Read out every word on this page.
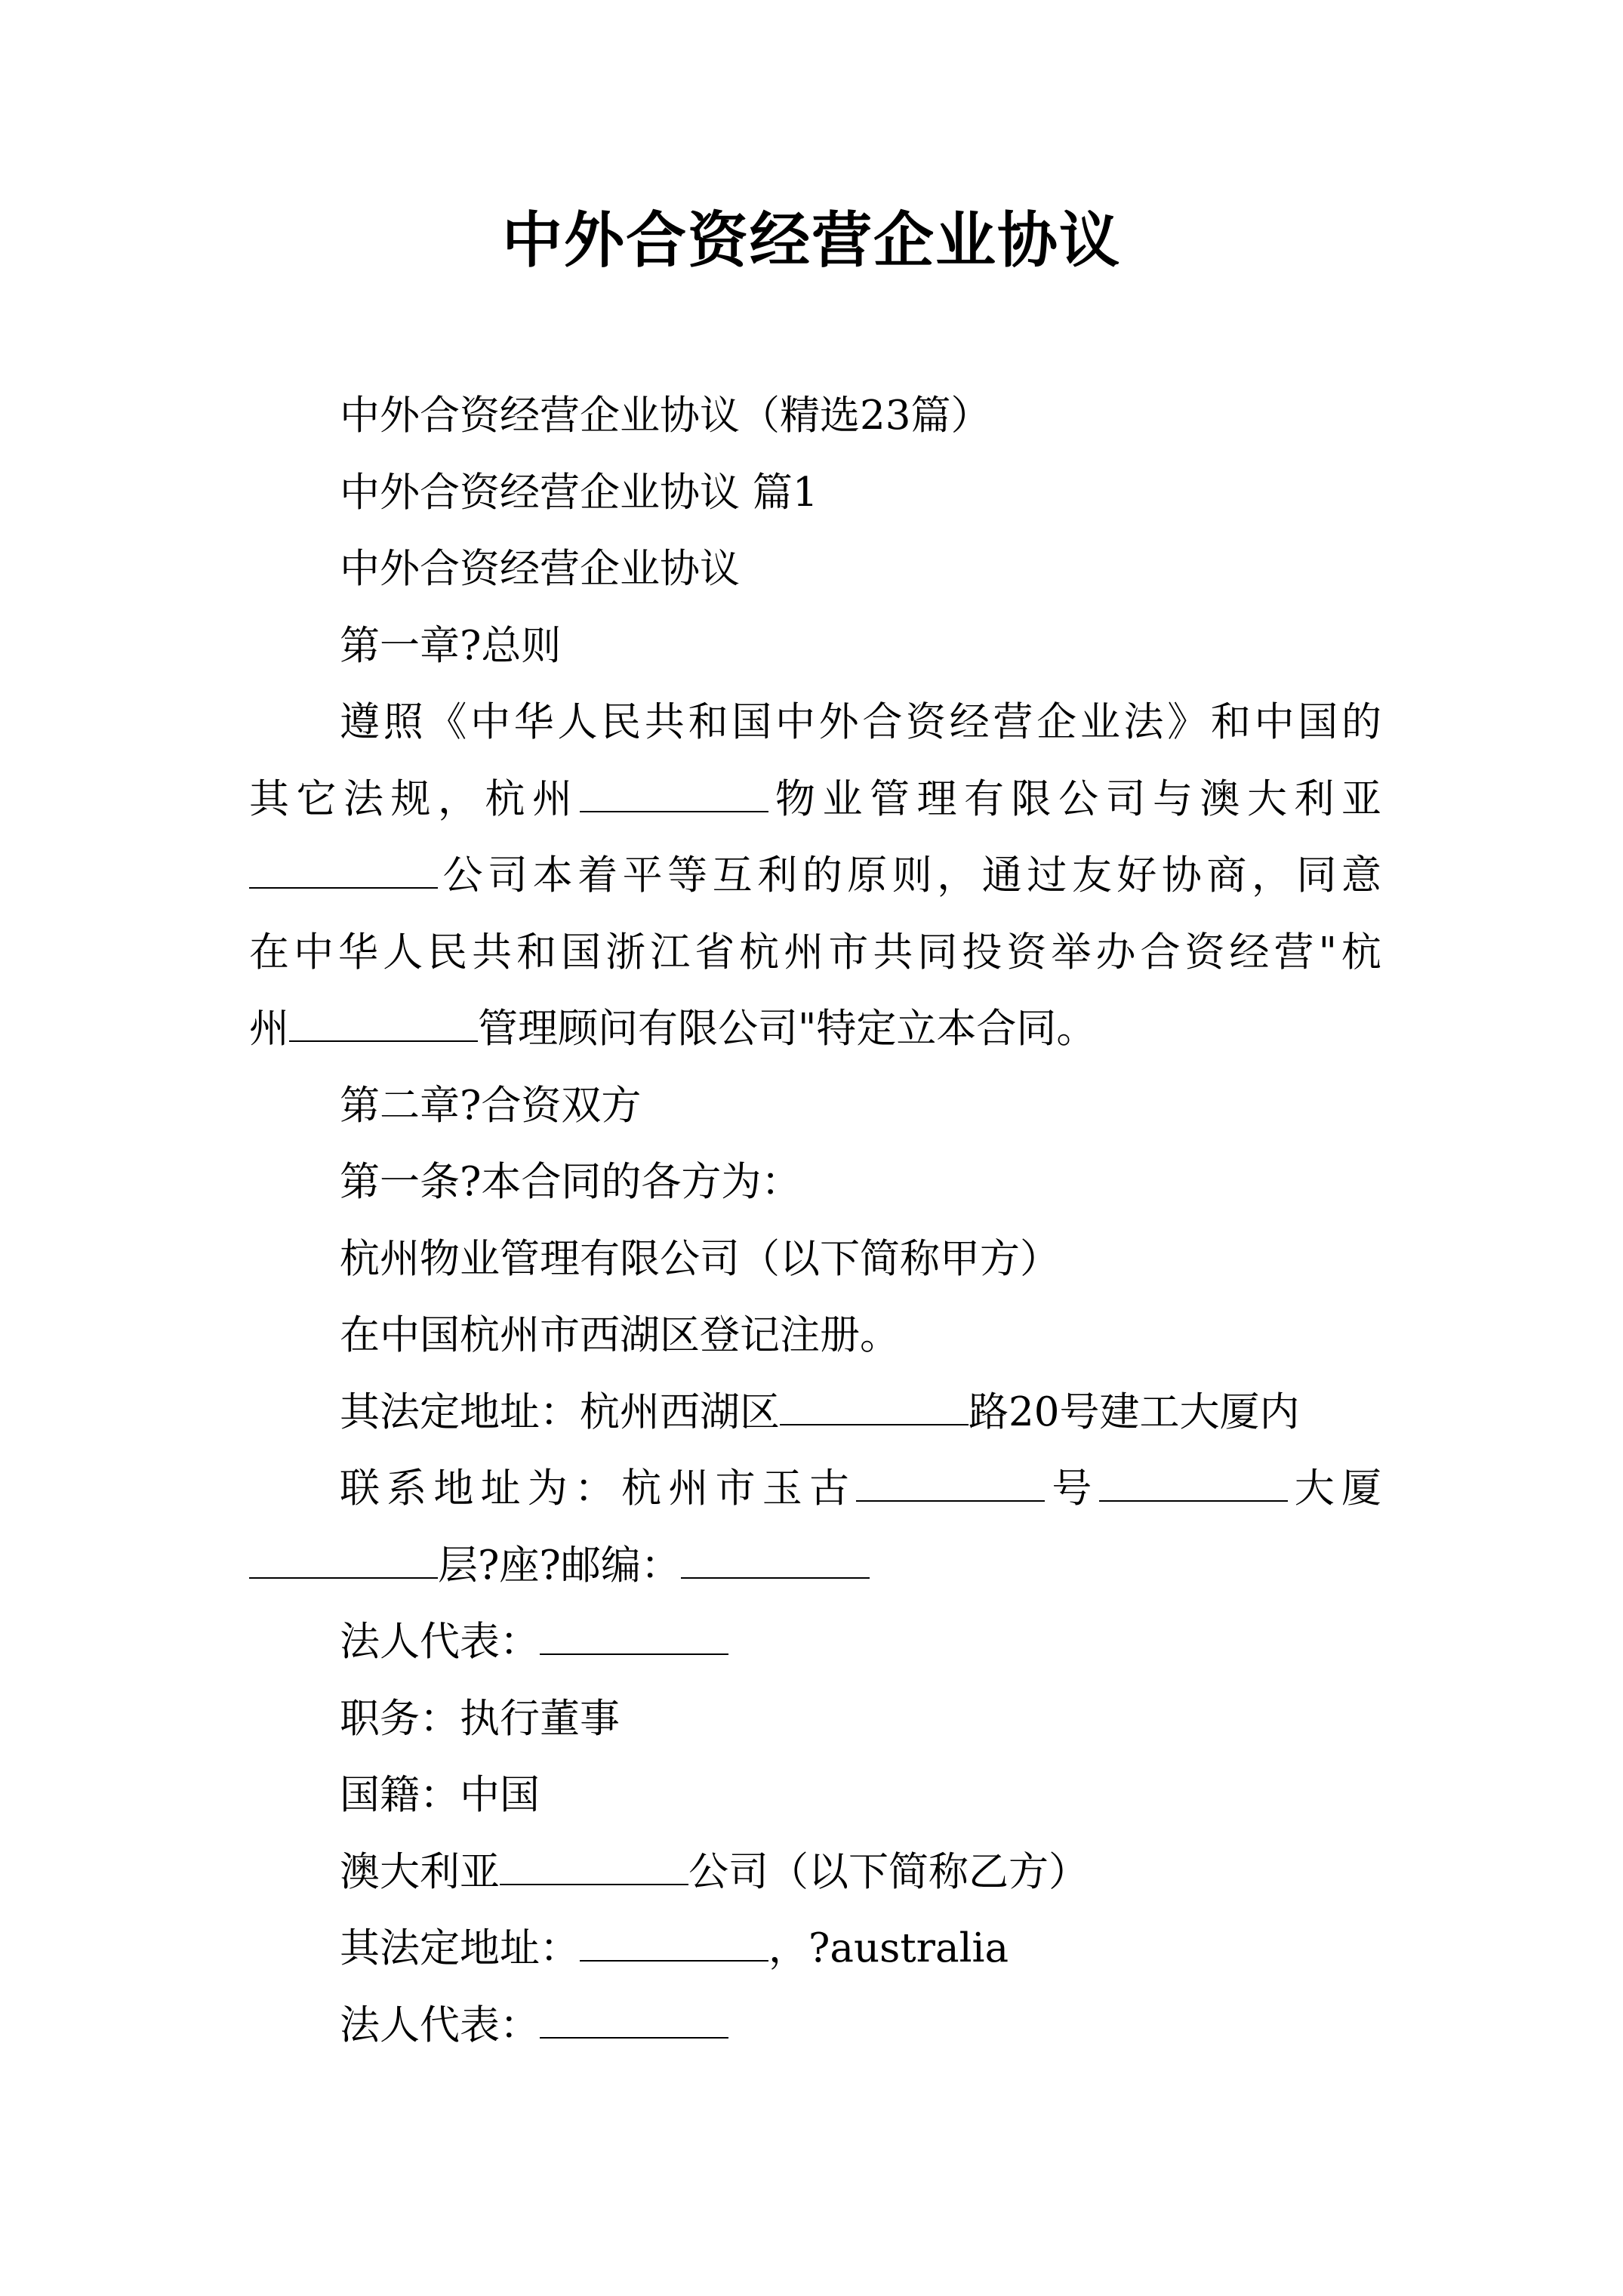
中外合资经营企业协议

中外合资经营企业协议（精选23篇）

中外合资经营企业协议 篇1

中外合资经营企业协议

第一章?总则

遵照《中华人民共和国中外合资经营企业法》和中国的

其它法规，杭州	物业管理有限公司与澳大利亚

公司本着平等互利的原则，通过友好协商，同意

在中华人民共和国浙江省杭州市共同投资举办合资经营"杭

州	管理顾问有限公司"特定立本合同。

第二章?合资双方

第一条?本合同的各方为：

杭州物业管理有限公司（以下简称甲方）

在中国杭州市西湖区登记注册。

其法定地址：杭州西湖区	路20号建工大厦内

联系地址为：杭州市玉古	号	大厦

层?座?邮编：

法人代表：

职务：执行董事

国籍：中国

澳大利亚	公司（以下简称乙方）

其法定地址：	，?australia

法人代表：
